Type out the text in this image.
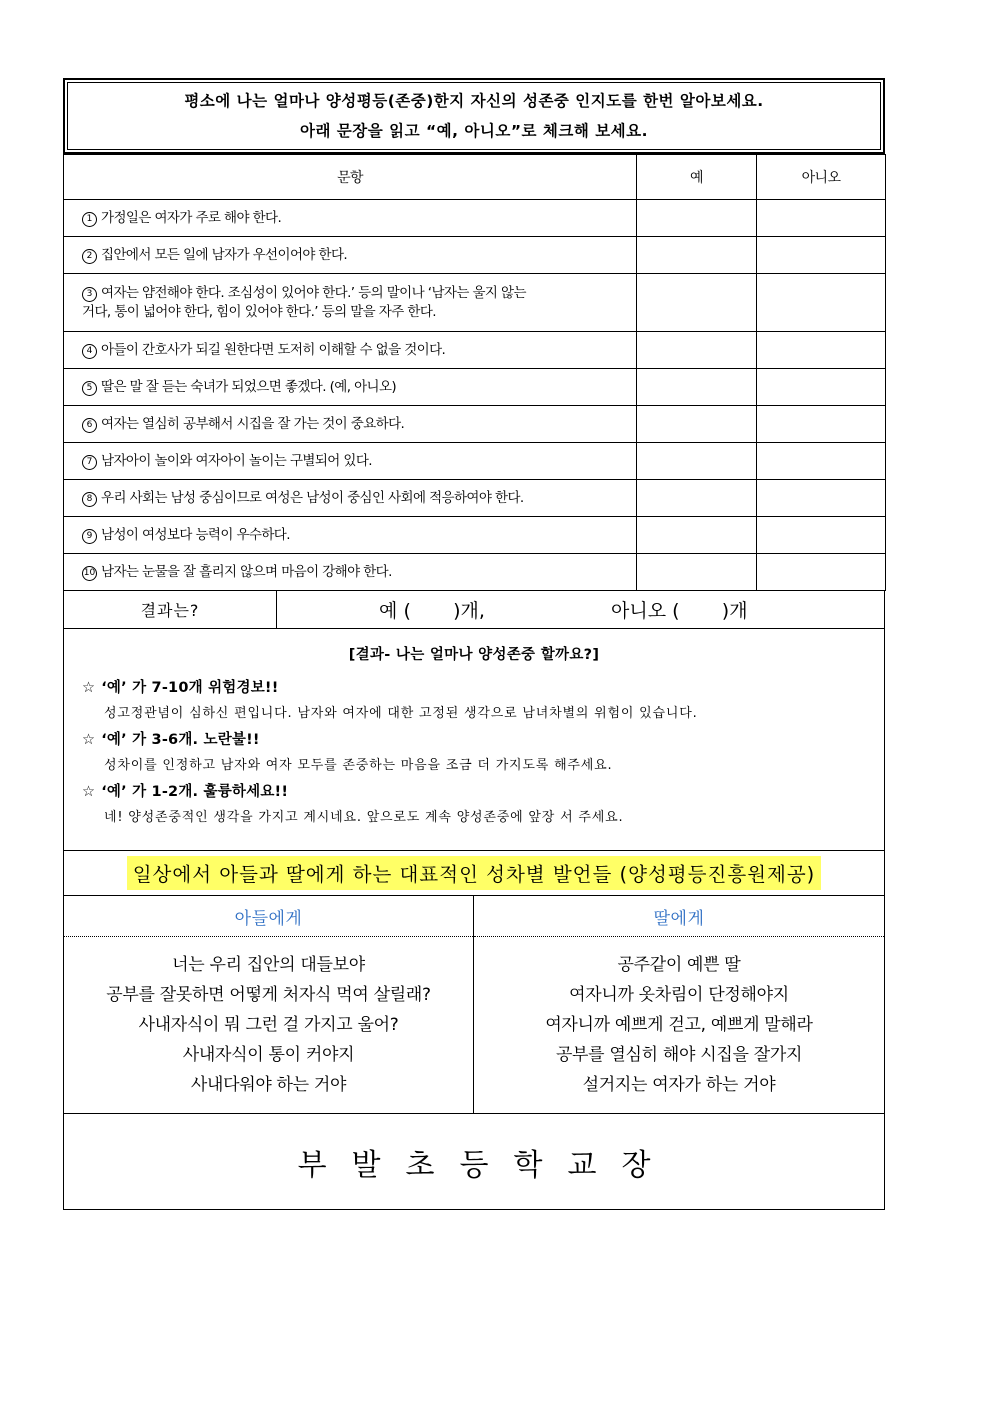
평소에 나는 얼마나 양성평등(존중)한지 자신의 성존중 인지도를 한번 알아보세요.
아래 문장을 읽고 “예, 아니오”로 체크해 보세요.
문항	예	아니오
1 가정일은 여자가 주로 해야 한다.		
2 집안에서 모든 일에 남자가 우선이어야 한다.		
3 여자는 얌전해야 한다. 조심성이 있어야 한다.’ 등의 말이나 ‘남자는 울지 않는
거다, 통이 넓어야 한다, 힘이 있어야 한다.’ 등의 말을 자주 한다.		
4 아들이 간호사가 되길 원한다면 도저히 이해할 수 없을 것이다.		
5 딸은 말 잘 듣는 숙녀가 되었으면 좋겠다. (예, 아니오)		
6 여자는 열심히 공부해서 시집을 잘 가는 것이 중요하다.		
7 남자아이 놀이와 여자아이 놀이는 구별되어 있다.		
8 우리 사회는 남성 중심이므로 여성은 남성이 중심인 사회에 적응하여야 한다.		
9 남성이 여성보다 능력이 우수하다.		
10 남자는 눈물을 잘 흘리지 않으며 마음이 강해야 한다.		
결과는?	예 (       )개,	아니오 (       )개
[결과- 나는 얼마나 양성존중 할까요?]
☆ ‘예’ 가 7-10개 위험경보!!
성고정관념이 심하신 편입니다. 남자와 여자에 대한 고정된 생각으로 남녀차별의 위험이 있습니다.
☆ ‘예’ 가 3-6개. 노란불!!
성차이를 인정하고 남자와 여자 모두를 존중하는 마음을 조금 더 가지도록 해주세요.
☆ ‘예’ 가 1-2개. 훌륭하세요!!
네! 양성존중적인 생각을 가지고 계시네요. 앞으로도 계속 양성존중에 앞장 서 주세요.
일상에서 아들과 딸에게 하는 대표적인 성차별 발언들 (양성평등진흥원제공)
아들에게
너는 우리 집안의 대들보야
공부를 잘못하면 어떻게 처자식 먹여 살릴래?
사내자식이 뭐 그런 걸 가지고 울어?
사내자식이 통이 커야지
사내다워야 하는 거야
딸에게
공주같이 예쁜 딸
여자니까 옷차림이 단정해야지
여자니까 예쁘게 걷고, 예쁘게 말해라
공부를 열심히 해야 시집을 잘가지
설거지는 여자가 하는 거야
부발초등학교장
